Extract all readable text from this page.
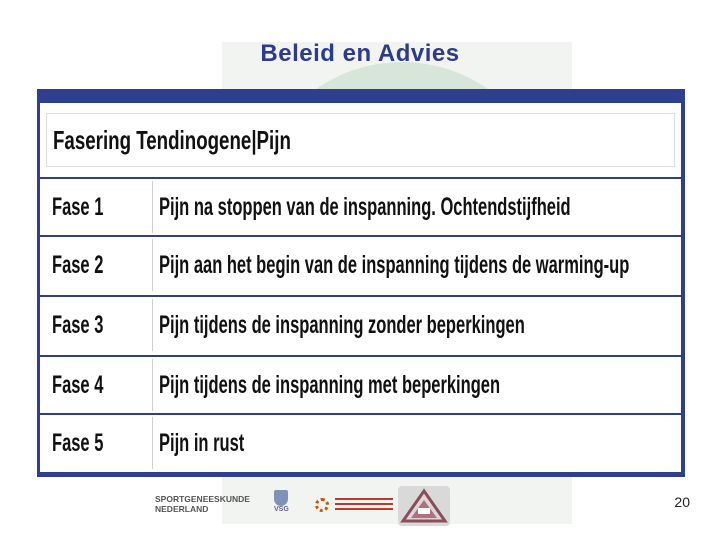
Beleid en Advies
Fasering Tendinogene|Pijn
Fase 1 Pijn na stoppen van de inspanning. Ochtendstijfheid
Fase 2 Pijn aan het begin van de inspanning tijdens de warming-up
Fase 3 Pijn tijdens de inspanning zonder beperkingen
Fase 4 Pijn tijdens de inspanning met beperkingen
Fase 5 Pijn in rust
SPORTGENEESKUNDE
NEDERLAND	VSG	20
